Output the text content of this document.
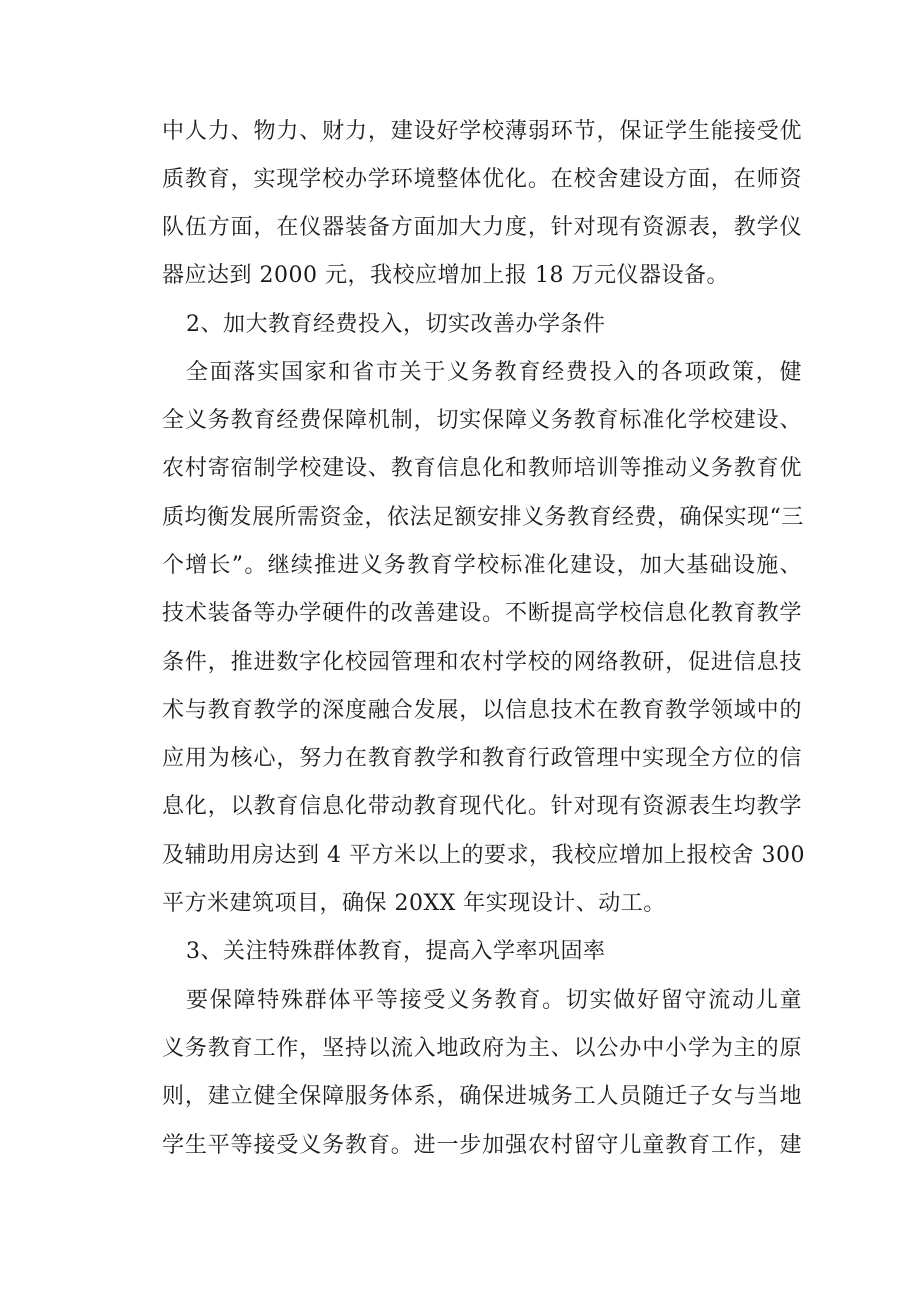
中人力、物力、财力，建设好学校薄弱环节，保证学生能接受优
质教育，实现学校办学环境整体优化。在校舍建设方面，在师资
队伍方面，在仪器装备方面加大力度，针对现有资源表，教学仪
器应达到 2000 元，我校应增加上报 18 万元仪器设备。
2、加大教育经费投入，切实改善办学条件
全面落实国家和省市关于义务教育经费投入的各项政策，健
全义务教育经费保障机制，切实保障义务教育标准化学校建设、
农村寄宿制学校建设、教育信息化和教师培训等推动义务教育优
质均衡发展所需资金，依法足额安排义务教育经费，确保实现“三
个增长”。继续推进义务教育学校标准化建设，加大基础设施、
技术装备等办学硬件的改善建设。不断提高学校信息化教育教学
条件，推进数字化校园管理和农村学校的网络教研，促进信息技
术与教育教学的深度融合发展，以信息技术在教育教学领域中的
应用为核心，努力在教育教学和教育行政管理中实现全方位的信
息化，以教育信息化带动教育现代化。针对现有资源表生均教学
及辅助用房达到 4 平方米以上的要求，我校应增加上报校舍 300
平方米建筑项目，确保 20XX 年实现设计、动工。
3、关注特殊群体教育，提高入学率巩固率
要保障特殊群体平等接受义务教育。切实做好留守流动儿童
义务教育工作，坚持以流入地政府为主、以公办中小学为主的原
则，建立健全保障服务体系，确保进城务工人员随迁子女与当地
学生平等接受义务教育。进一步加强农村留守儿童教育工作，建
